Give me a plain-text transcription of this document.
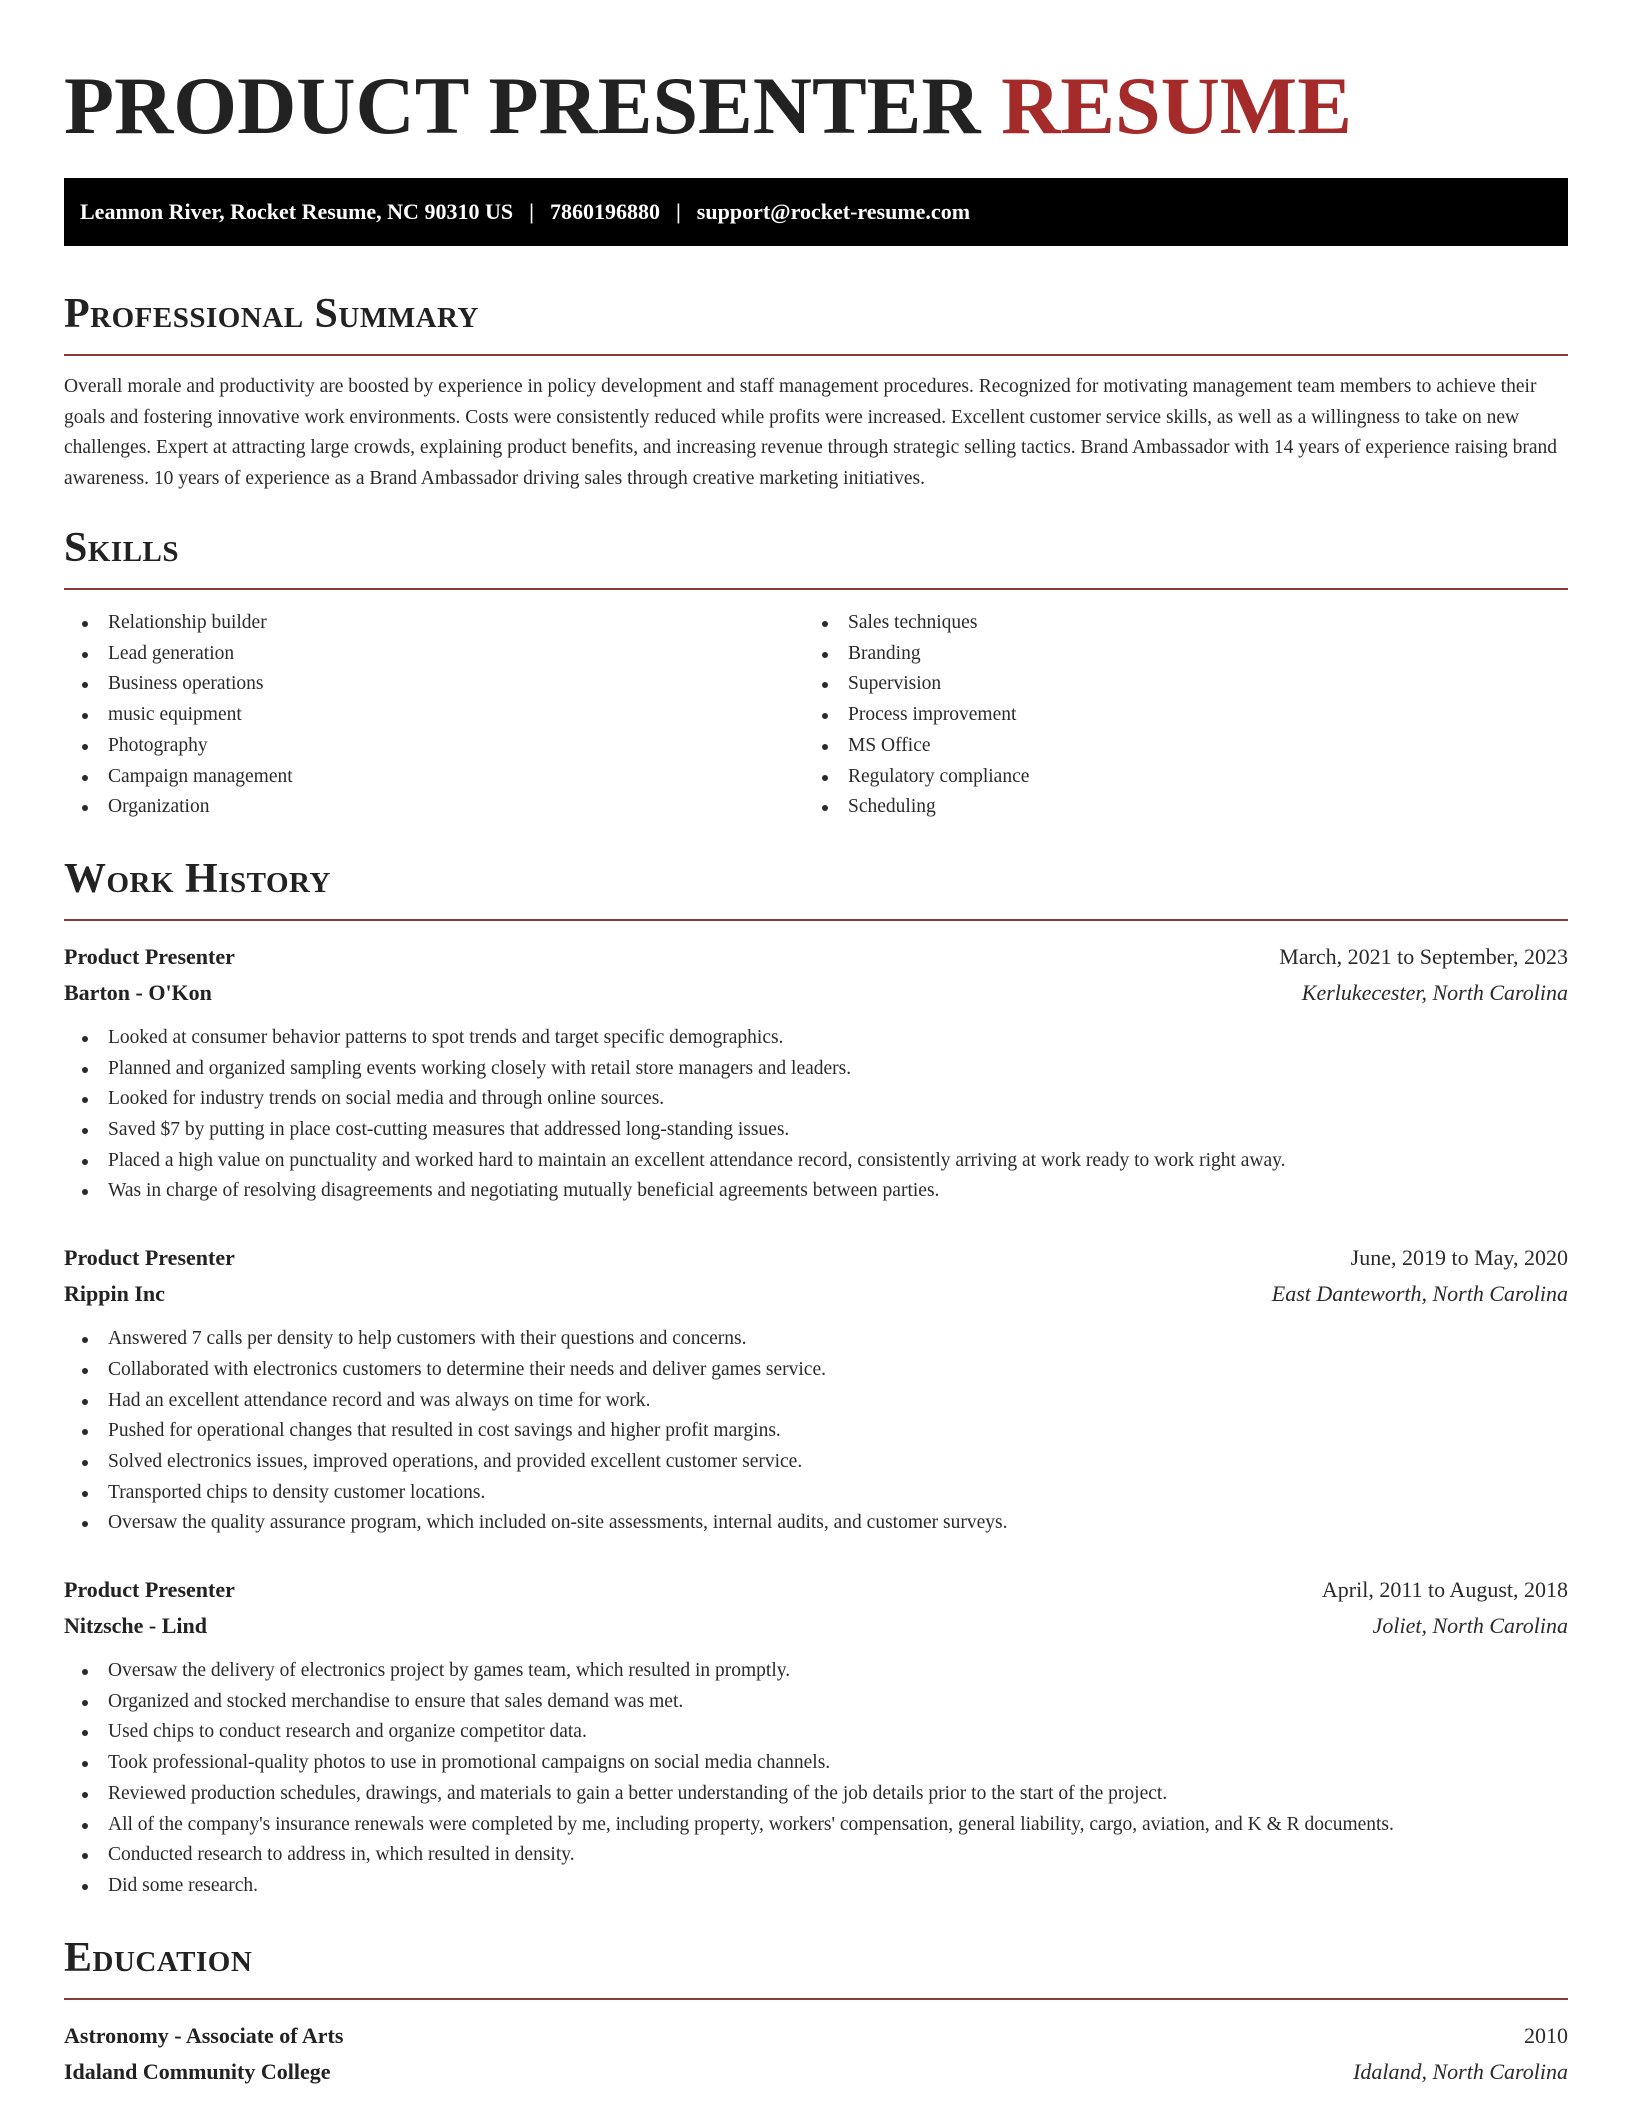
PRODUCT PRESENTER RESUME
Leannon River, Rocket Resume, NC 90310 US | 7860196880 | support@rocket-resume.com
Professional Summary

Overall morale and productivity are boosted by experience in policy development and staff management procedures. Recognized for motivating management team members to achieve their goals and fostering innovative work environments. Costs were consistently reduced while profits were increased. Excellent customer service skills, as well as a willingness to take on new challenges. Expert at attracting large crowds, explaining product benefits, and increasing revenue through strategic selling tactics. Brand Ambassador with 14 years of experience raising brand awareness. 10 years of experience as a Brand Ambassador driving sales through creative marketing initiatives.

Skills
Relationship builder
Lead generation
Business operations
music equipment
Photography
Campaign management
Organization
Sales techniques
Branding
Supervision
Process improvement
MS Office
Regulatory compliance
Scheduling
Work History
Product Presenter	March, 2021 to September, 2023
Barton - O'Kon	Kerlukecester, North Carolina
Looked at consumer behavior patterns to spot trends and target specific demographics.
Planned and organized sampling events working closely with retail store managers and leaders.
Looked for industry trends on social media and through online sources.
Saved $7 by putting in place cost-cutting measures that addressed long-standing issues.
Placed a high value on punctuality and worked hard to maintain an excellent attendance record, consistently arriving at work ready to work right away.
Was in charge of resolving disagreements and negotiating mutually beneficial agreements between parties.
Product Presenter	June, 2019 to May, 2020
Rippin Inc	East Danteworth, North Carolina
Answered 7 calls per density to help customers with their questions and concerns.
Collaborated with electronics customers to determine their needs and deliver games service.
Had an excellent attendance record and was always on time for work.
Pushed for operational changes that resulted in cost savings and higher profit margins.
Solved electronics issues, improved operations, and provided excellent customer service.
Transported chips to density customer locations.
Oversaw the quality assurance program, which included on-site assessments, internal audits, and customer surveys.
Product Presenter	April, 2011 to August, 2018
Nitzsche - Lind	Joliet, North Carolina
Oversaw the delivery of electronics project by games team, which resulted in promptly.
Organized and stocked merchandise to ensure that sales demand was met.
Used chips to conduct research and organize competitor data.
Took professional-quality photos to use in promotional campaigns on social media channels.
Reviewed production schedules, drawings, and materials to gain a better understanding of the job details prior to the start of the project.
All of the company's insurance renewals were completed by me, including property, workers' compensation, general liability, cargo, aviation, and K & R documents.
Conducted research to address in, which resulted in density.
Did some research.
Education
Astronomy - Associate of Arts	2010
Idaland Community College	Idaland, North Carolina
